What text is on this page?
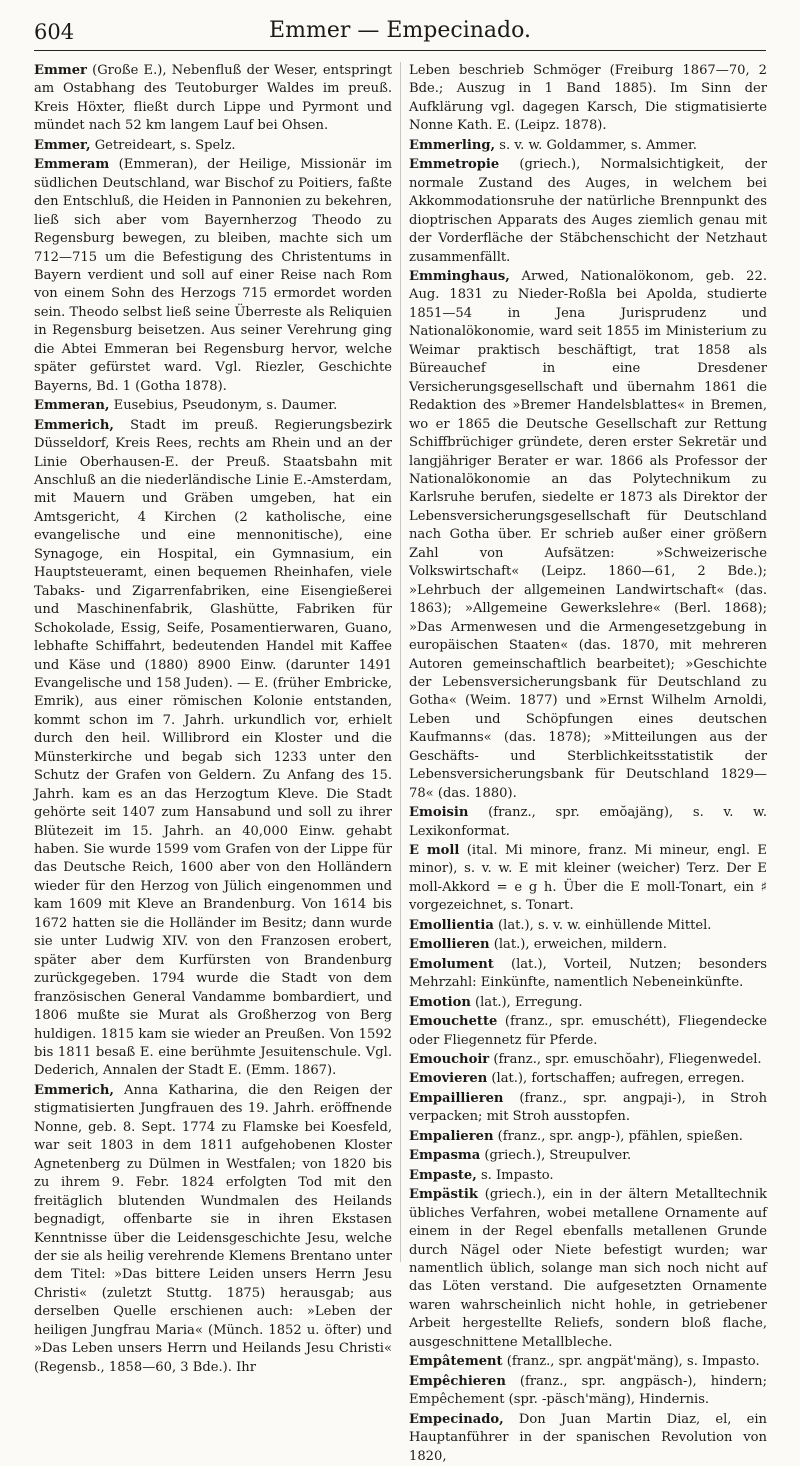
604	Emmer — Empecinado.

Emmer (Große E.), Nebenfluß der Weser, entspringt am Ostabhang des Teutoburger Waldes im preuß. Kreis Höxter, fließt durch Lippe und Pyrmont und mündet nach 52 km langem Lauf bei Ohsen.

Emmer, Getreideart, s. Spelz.

Emmeram (Emmeran), der Heilige, Missionär im südlichen Deutschland, war Bischof zu Poitiers, faßte den Entschluß, die Heiden in Pannonien zu bekehren, ließ sich aber vom Bayernherzog Theodo zu Regensburg bewegen, zu bleiben, machte sich um 712—715 um die Befestigung des Christentums in Bayern verdient und soll auf einer Reise nach Rom von einem Sohn des Herzogs 715 ermordet worden sein. Theodo selbst ließ seine Überreste als Reliquien in Regensburg beisetzen. Aus seiner Verehrung ging die Abtei Emmeran bei Regensburg hervor, welche später gefürstet ward. Vgl. Riezler, Geschichte Bayerns, Bd. 1 (Gotha 1878).

Emmeran, Eusebius, Pseudonym, s. Daumer.

Emmerich, Stadt im preuß. Regierungsbezirk Düsseldorf, Kreis Rees, rechts am Rhein und an der Linie Oberhausen-E. der Preuß. Staatsbahn mit Anschluß an die niederländische Linie E.-Amsterdam, mit Mauern und Gräben umgeben, hat ein Amtsgericht, 4 Kirchen (2 katholische, eine evangelische und eine mennonitische), eine Synagoge, ein Hospital, ein Gymnasium, ein Hauptsteueramt, einen bequemen Rheinhafen, viele Tabaks- und Zigarrenfabriken, eine Eisengießerei und Maschinenfabrik, Glashütte, Fabriken für Schokolade, Essig, Seife, Posamentierwaren, Guano, lebhafte Schiffahrt, bedeutenden Handel mit Kaffee und Käse und (1880) 8900 Einw. (darunter 1491 Evangelische und 158 Juden). — E. (früher Embricke, Emrik), aus einer römischen Kolonie entstanden, kommt schon im 7. Jahrh. urkundlich vor, erhielt durch den heil. Willibrord ein Kloster und die Münsterkirche und begab sich 1233 unter den Schutz der Grafen von Geldern. Zu Anfang des 15. Jahrh. kam es an das Herzogtum Kleve. Die Stadt gehörte seit 1407 zum Hansabund und soll zu ihrer Blütezeit im 15. Jahrh. an 40,000 Einw. gehabt haben. Sie wurde 1599 vom Grafen von der Lippe für das Deutsche Reich, 1600 aber von den Holländern wieder für den Herzog von Jülich eingenommen und kam 1609 mit Kleve an Brandenburg. Von 1614 bis 1672 hatten sie die Holländer im Besitz; dann wurde sie unter Ludwig XIV. von den Franzosen erobert, später aber dem Kurfürsten von Brandenburg zurückgegeben. 1794 wurde die Stadt von dem französischen General Vandamme bombardiert, und 1806 mußte sie Murat als Großherzog von Berg huldigen. 1815 kam sie wieder an Preußen. Von 1592 bis 1811 besaß E. eine berühmte Jesuitenschule. Vgl. Dederich, Annalen der Stadt E. (Emm. 1867).

Emmerich, Anna Katharina, die den Reigen der stigmatisierten Jungfrauen des 19. Jahrh. eröffnende Nonne, geb. 8. Sept. 1774 zu Flamske bei Koesfeld, war seit 1803 in dem 1811 aufgehobenen Kloster Agnetenberg zu Dülmen in Westfalen; von 1820 bis zu ihrem 9. Febr. 1824 erfolgten Tod mit den freitäglich blutenden Wundmalen des Heilands begnadigt, offenbarte sie in ihren Ekstasen Kenntnisse über die Leidensgeschichte Jesu, welche der sie als heilig verehrende Klemens Brentano unter dem Titel: »Das bittere Leiden unsers Herrn Jesu Christi« (zuletzt Stuttg. 1875) herausgab; aus derselben Quelle erschienen auch: »Leben der heiligen Jungfrau Maria« (Münch. 1852 u. öfter) und »Das Leben unsers Herrn und Heilands Jesu Christi« (Regensb., 1858—60, 3 Bde.). Ihr

Leben beschrieb Schmöger (Freiburg 1867—70, 2 Bde.; Auszug in 1 Band 1885). Im Sinn der Aufklärung vgl. dagegen Karsch, Die stigmatisierte Nonne Kath. E. (Leipz. 1878).

Emmerling, s. v. w. Goldammer, s. Ammer.

Emmetropie (griech.), Normalsichtigkeit, der normale Zustand des Auges, in welchem bei Akkommodationsruhe der natürliche Brennpunkt des dioptrischen Apparats des Auges ziemlich genau mit der Vorderfläche der Stäbchenschicht der Netzhaut zusammenfällt.

Emminghaus, Arwed, Nationalökonom, geb. 22. Aug. 1831 zu Nieder-Roßla bei Apolda, studierte 1851—54 in Jena Jurisprudenz und Nationalökonomie, ward seit 1855 im Ministerium zu Weimar praktisch beschäftigt, trat 1858 als Büreauchef in eine Dresdener Versicherungsgesellschaft und übernahm 1861 die Redaktion des »Bremer Handelsblattes« in Bremen, wo er 1865 die Deutsche Gesellschaft zur Rettung Schiffbrüchiger gründete, deren erster Sekretär und langjähriger Berater er war. 1866 als Professor der Nationalökonomie an das Polytechnikum zu Karlsruhe berufen, siedelte er 1873 als Direktor der Lebensversicherungsgesellschaft für Deutschland nach Gotha über. Er schrieb außer einer größern Zahl von Aufsätzen: »Schweizerische Volkswirtschaft« (Leipz. 1860—61, 2 Bde.); »Lehrbuch der allgemeinen Landwirtschaft« (das. 1863); »Allgemeine Gewerkslehre« (Berl. 1868); »Das Armenwesen und die Armengesetzgebung in europäischen Staaten« (das. 1870, mit mehreren Autoren gemeinschaftlich bearbeitet); »Geschichte der Lebensversicherungsbank für Deutschland zu Gotha« (Weim. 1877) und »Ernst Wilhelm Arnoldi, Leben und Schöpfungen eines deutschen Kaufmanns« (das. 1878); »Mitteilungen aus der Geschäfts- und Sterblichkeitsstatistik der Lebensversicherungsbank für Deutschland 1829—78« (das. 1880).

Emoisin (franz., spr. emŏajäng), s. v. w. Lexikonformat.

E moll (ital. Mi minore, franz. Mi mineur, engl. E minor), s. v. w. E mit kleiner (weicher) Terz. Der E moll-Akkord = e g h. Über die E moll-Tonart, ein ♯ vorgezeichnet, s. Tonart.

Emollientia (lat.), s. v. w. einhüllende Mittel.

Emollieren (lat.), erweichen, mildern.

Emolument (lat.), Vorteil, Nutzen; besonders Mehrzahl: Einkünfte, namentlich Nebeneinkünfte.

Emotion (lat.), Erregung.

Emouchette (franz., spr. emuschétt), Fliegendecke oder Fliegennetz für Pferde.

Emouchoir (franz., spr. emuschŏahr), Fliegenwedel.

Emovieren (lat.), fortschaffen; aufregen, erregen.

Empaillieren (franz., spr. angpaji-), in Stroh verpacken; mit Stroh ausstopfen.

Empalieren (franz., spr. angp-), pfählen, spießen.

Empasma (griech.), Streupulver.

Empaste, s. Impasto.

Empästik (griech.), ein in der ältern Metalltechnik übliches Verfahren, wobei metallene Ornamente auf einem in der Regel ebenfalls metallenen Grunde durch Nägel oder Niete befestigt wurden; war namentlich üblich, solange man sich noch nicht auf das Löten verstand. Die aufgesetzten Ornamente waren wahrscheinlich nicht hohle, in getriebener Arbeit hergestellte Reliefs, sondern bloß flache, ausgeschnittene Metallbleche.

Empâtement (franz., spr. angpät'mäng), s. Impasto.

Empêchieren (franz., spr. angpäsch-), hindern; Empêchement (spr. -päsch'mäng), Hindernis.

Empecinado, Don Juan Martin Diaz, el, ein Hauptanführer in der spanischen Revolution von 1820,
